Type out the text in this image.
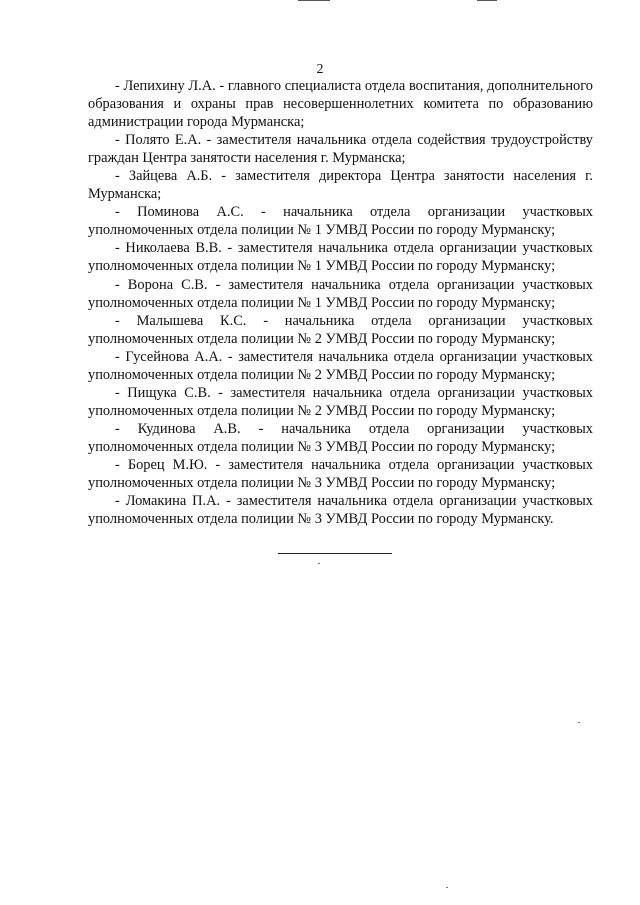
2

- Лепихину Л.А. - главного специалиста отдела воспитания, дополнительного образования и охраны прав несовершеннолетних комитета по образованию администрации города Мурманска;

- Полято Е.А. - заместителя начальника отдела содействия трудоустройству граждан Центра занятости населения г. Мурманска;

- Зайцева А.Б. - заместителя директора Центра занятости населения г. Мурманска;

- Поминова А.С. - начальника отдела организации участковых уполномоченных отдела полиции № 1 УМВД России по городу Мурманску;

- Николаева В.В. - заместителя начальника отдела организации участковых уполномоченных отдела полиции № 1 УМВД России по городу Мурманску;

- Ворона С.В. - заместителя начальника отдела организации участковых уполномоченных отдела полиции № 1 УМВД России по городу Мурманску;

- Малышева К.С. - начальника отдела организации участковых уполномоченных отдела полиции № 2 УМВД России по городу Мурманску;

- Гусейнова А.А. - заместителя начальника отдела организации участковых уполномоченных отдела полиции № 2 УМВД России по городу Мурманску;

- Пищука С.В. - заместителя начальника отдела организации участковых уполномоченных отдела полиции № 2 УМВД России по городу Мурманску;

- Кудинова А.В. - начальника отдела организации участковых уполномоченных отдела полиции № 3 УМВД России по городу Мурманску;

- Борец М.Ю. - заместителя начальника отдела организации участковых уполномоченных отдела полиции № 3 УМВД России по городу Мурманску;

- Ломакина П.А. - заместителя начальника отдела организации участковых уполномоченных отдела полиции № 3 УМВД России по городу Мурманску.
